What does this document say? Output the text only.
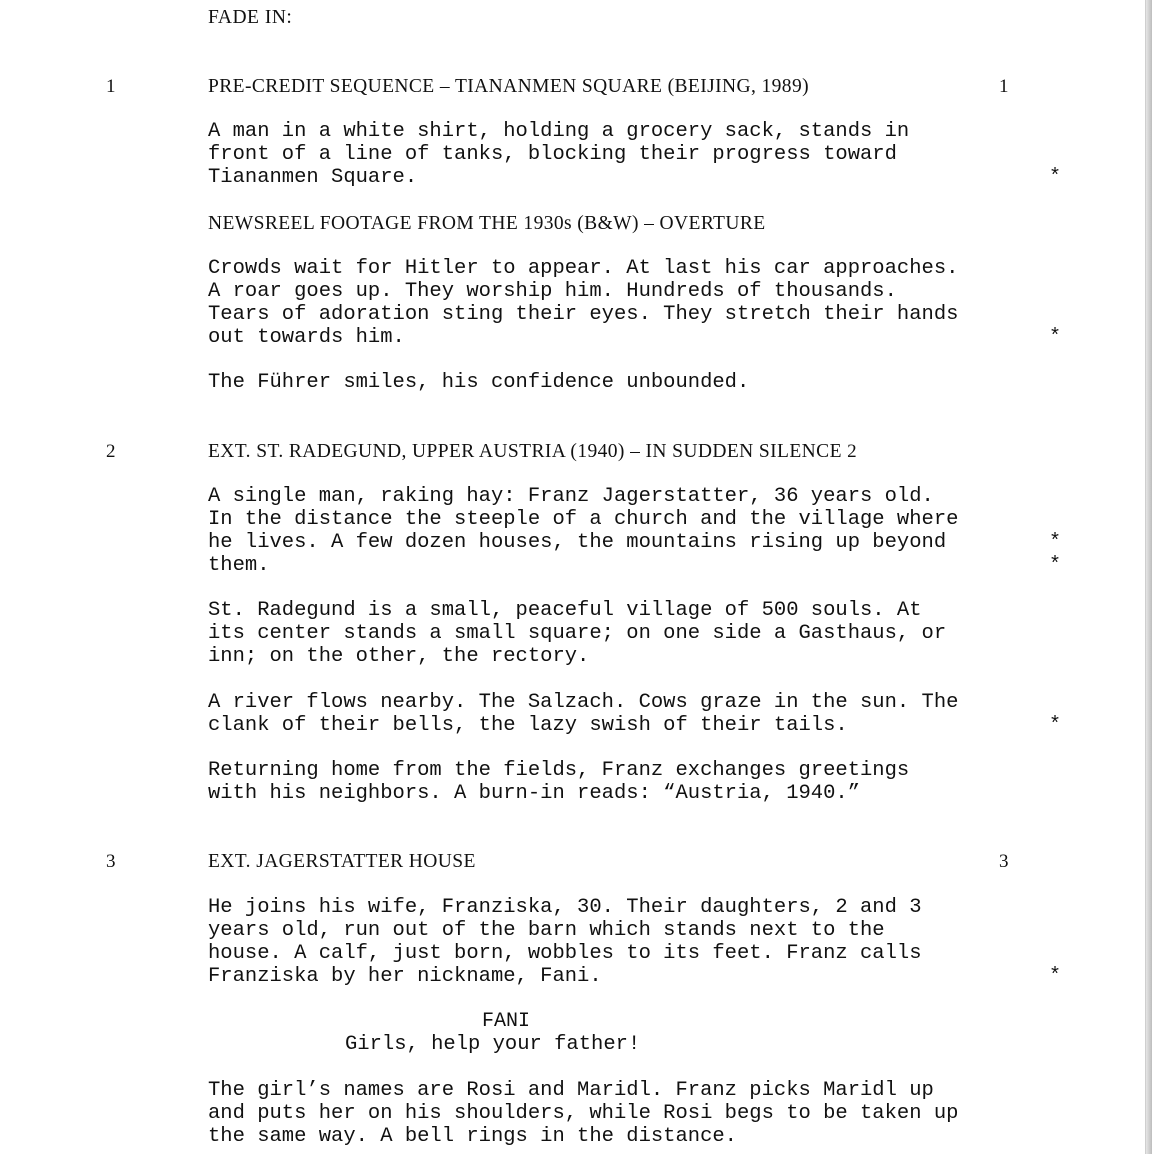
FADE IN:
1	PRE-CREDIT SEQUENCE – TIANANMEN SQUARE (BEIJING, 1989)	1
A man in a white shirt, holding a grocery sack, stands in
front of a line of tanks, blocking their progress toward
Tiananmen Square.	*
NEWSREEL FOOTAGE FROM THE 1930s (B&W) – OVERTURE
Crowds wait for Hitler to appear. At last his car approaches.
A roar goes up. They worship him. Hundreds of thousands.
Tears of adoration sting their eyes. They stretch their hands
out towards him.	*
The Führer smiles, his confidence unbounded.
2	EXT. ST. RADEGUND, UPPER AUSTRIA (1940) – IN SUDDEN SILENCE 2
A single man, raking hay: Franz Jagerstatter, 36 years old.
In the distance the steeple of a church and the village where
he lives. A few dozen houses, the mountains rising up beyond	*
them.	*
St. Radegund is a small, peaceful village of 500 souls. At
its center stands a small square; on one side a Gasthaus, or
inn; on the other, the rectory.
A river flows nearby. The Salzach. Cows graze in the sun. The
clank of their bells, the lazy swish of their tails.	*
Returning home from the fields, Franz exchanges greetings
with his neighbors. A burn-in reads: “Austria, 1940.”
3	EXT. JAGERSTATTER HOUSE	3
He joins his wife, Franziska, 30. Their daughters, 2 and 3
years old, run out of the barn which stands next to the
house. A calf, just born, wobbles to its feet. Franz calls
Franziska by her nickname, Fani.	*
FANI
Girls, help your father!
The girl’s names are Rosi and Maridl. Franz picks Maridl up
and puts her on his shoulders, while Rosi begs to be taken up
the same way. A bell rings in the distance.
